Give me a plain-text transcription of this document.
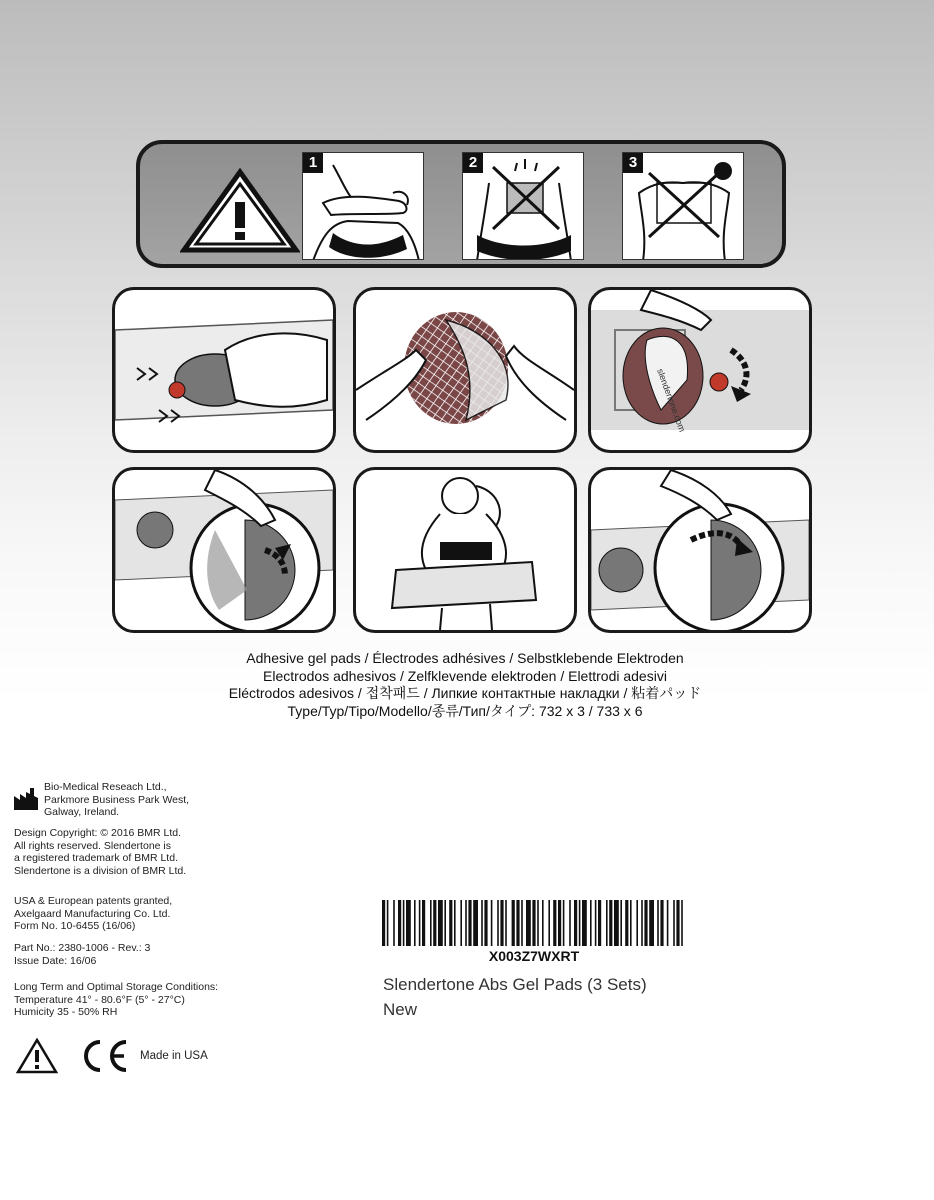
1	2	3
slendertone.com
Adhesive gel pads / Électrodes adhésives / Selbstklebende Elektroden
Electrodos adhesivos / Zelfklevende elektroden / Elettrodi adesivi
Eléctrodos adesivos / 접착패드 / Липкие контактные накладки / 粘着パッド
Type/Typ/Tipo/Modello/종류/Тип/タイプ: 732 x 3 / 733 x 6
Bio-Medical Reseach Ltd.,
Parkmore Business Park West,
Galway, Ireland.
Design Copyright: © 2016 BMR Ltd.
All rights reserved. Slendertone is
a registered trademark of BMR Ltd.
Slendertone is a division of BMR Ltd.
USA & European patents granted,
Axelgaard Manufacturing Co. Ltd.
Form No. 10-6455 (16/06)
Part No.: 2380-1006 - Rev.: 3
Issue Date: 16/06
Long Term and Optimal Storage Conditions:
Temperature 41° - 80.6°F (5° - 27°C)
Humicity 35 - 50% RH
CE
Made in USA
X003Z7WXRT
Slendertone Abs Gel Pads (3 Sets)
New
